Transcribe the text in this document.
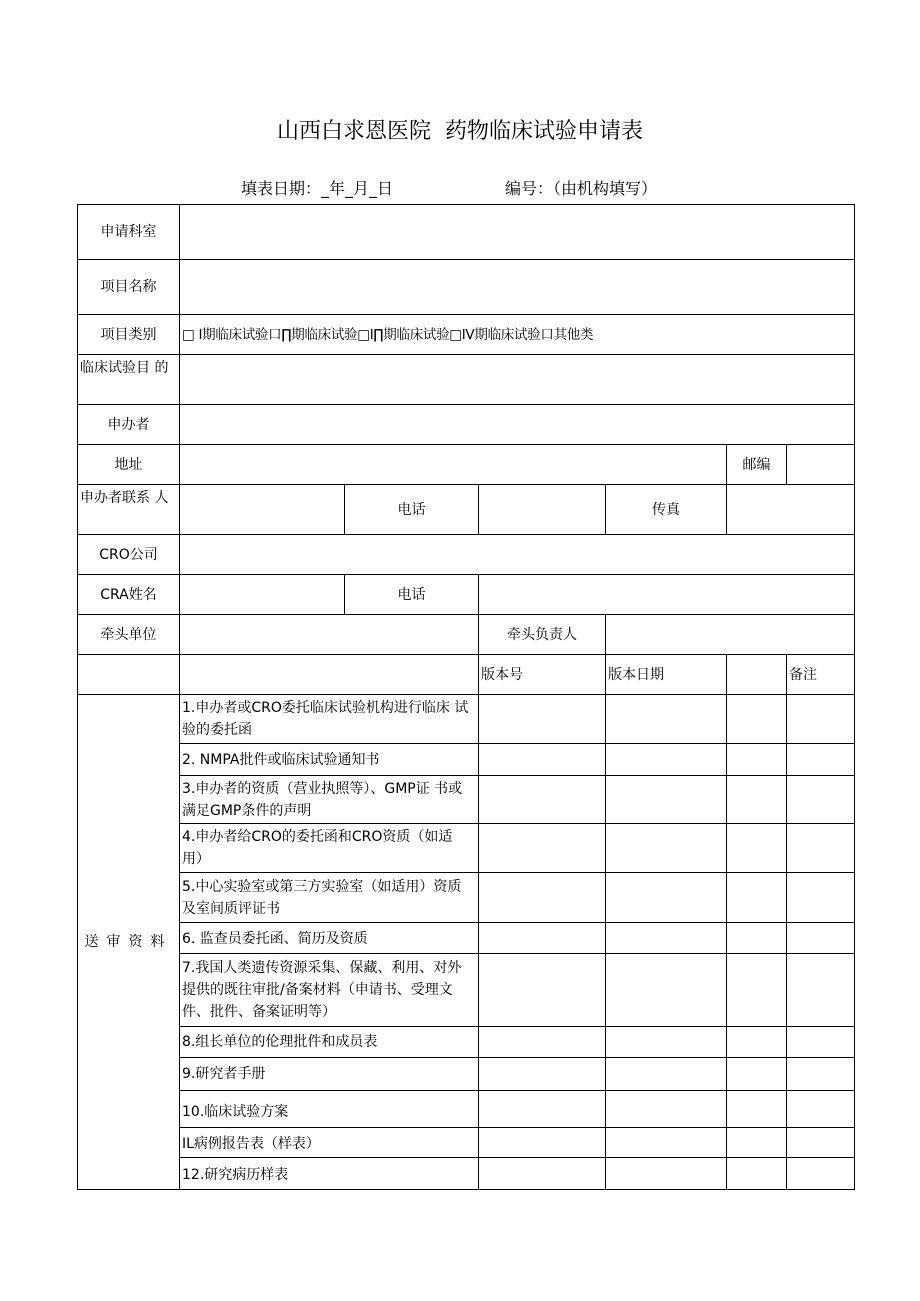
山西白求恩医院  药物临床试验申请表
填表日期：_年_月_日	编号：（由机构填写）
申请科室						
项目名称						
项目类别	□ I期临床试验口∏期临床试验□I∏期临床试验□IV期临床试验口其他类					
临床试验目 的						
申办者						
地址					邮编	
申办者联系 人		电话		传真		
CRO公司						
CRA姓名		电话				
牵头单位			牵头负责人			
			版本号	版本日期		备注
送审资料	1.申办者或CRO委托临床试验机构进行临床 试验的委托函					
	2. NMPA批件或临床试验通知书					
	3.申办者的资质（营业执照等）、GMP证 书或 满足GMP条件的声明					
	4.申办者给CRO的委托函和CRO资质（如适 用）					
	5.中心实验室或第三方实验室（如适用）资质 及室间质评证书					
	6. 监查员委托函、简历及资质					
	7.我国人类遗传资源采集、保藏、利用、对外 提供的既往审批/备案材料（申请书、受理文 件、批件、备案证明等）					
	8.组长单位的伦理批件和成员表					
	9.研究者手册					
	10.临床试验方案					
	IL病例报告表（样表）					
	12.研究病历样表					
